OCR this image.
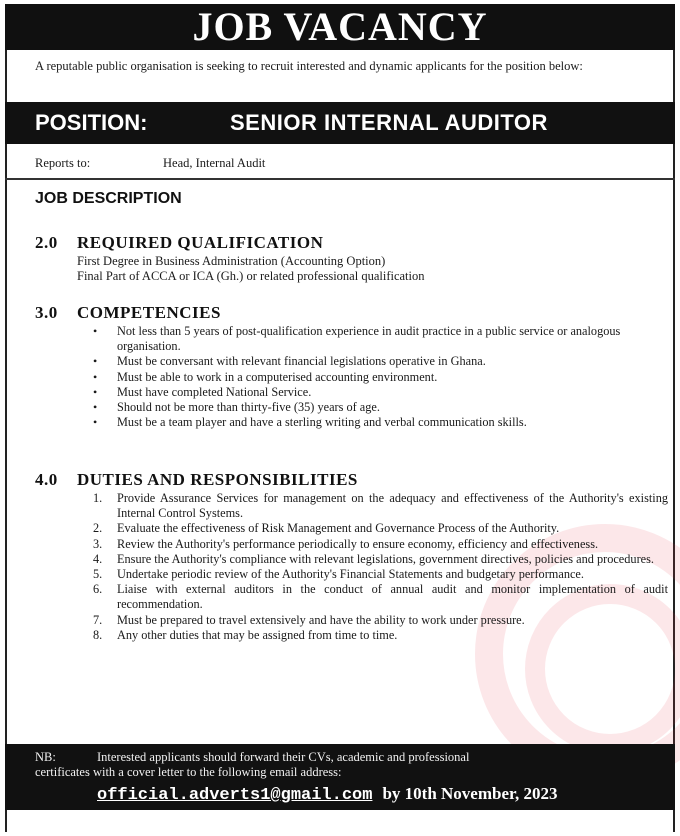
JOB VACANCY

A reputable public organisation is seeking to recruit interested and dynamic applicants for the position below:

POSITION:	SENIOR INTERNAL AUDITOR
Reports to:	Head, Internal Audit
JOB DESCRIPTION
2.0 REQUIRED QUALIFICATION
First Degree in Business Administration (Accounting Option)
Final Part of ACCA or ICA (Gh.) or related professional qualification
3.0 COMPETENCIES
• Not less than 5 years of post-qualification experience in audit practice in a public service or analogous organisation.
• Must be conversant with relevant financial legislations operative in Ghana.
• Must be able to work in a computerised accounting environment.
• Must have completed National Service.
• Should not be more than thirty-five (35) years of age.
• Must be a team player and have a sterling writing and verbal communication skills.
4.0 DUTIES AND RESPONSIBILITIES
1. Provide Assurance Services for management on the adequacy and effectiveness of the Authority's existing Internal Control Systems.
2. Evaluate the effectiveness of Risk Management and Governance Process of the Authority.
3. Review the Authority's performance periodically to ensure economy, efficiency and effectiveness.
4. Ensure the Authority's compliance with relevant legislations, government directives, policies and procedures.
5. Undertake periodic review of the Authority's Financial Statements and budgetary performance.
6. Liaise with external auditors in the conduct of annual audit and monitor implementation of audit recommendation.
7. Must be prepared to travel extensively and have the ability to work under pressure.
8. Any other duties that may be assigned from time to time.
NB:	Interested applicants should forward their CVs, academic and professional
certificates with a cover letter to the following email address:
official.adverts1@gmail.com by 10th November, 2023
